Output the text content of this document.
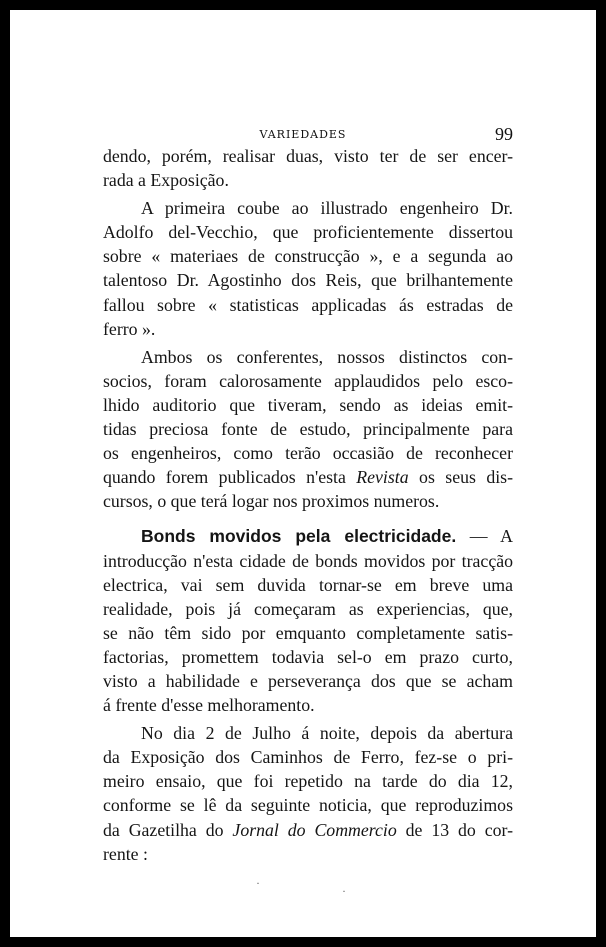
VARIEDADES	99
dendo, porém, realisar duas, visto ter de ser encer-
rada a Exposição.
A primeira coube ao illustrado engenheiro Dr.
Adolfo del-Vecchio, que proficientemente dissertou
sobre « materiaes de construcção », e a segunda ao
talentoso Dr. Agostinho dos Reis, que brilhantemente
fallou sobre « statisticas applicadas ás estradas de
ferro ».
Ambos os conferentes, nossos distinctos con-
socios, foram calorosamente applaudidos pelo esco-
lhido auditorio que tiveram, sendo as ideias emit-
tidas preciosa fonte de estudo, principalmente para
os engenheiros, como terão occasião de reconhecer
quando forem publicados n'esta Revista os seus dis-
cursos, o que terá logar nos proximos numeros.
Bonds movidos pela electricidade. — A
introducção n'esta cidade de bonds movidos por tracção
electrica, vai sem duvida tornar-se em breve uma
realidade, pois já começaram as experiencias, que,
se não têm sido por emquanto completamente satis-
factorias, promettem todavia sel-o em prazo curto,
visto a habilidade e perseverança dos que se acham
á frente d'esse melhoramento.
No dia 2 de Julho á noite, depois da abertura
da Exposição dos Caminhos de Ferro, fez-se o pri-
meiro ensaio, que foi repetido na tarde do dia 12,
conforme se lê da seguinte noticia, que reproduzimos
da Gazetilha do Jornal do Commercio de 13 do cor-
rente :
·
·
